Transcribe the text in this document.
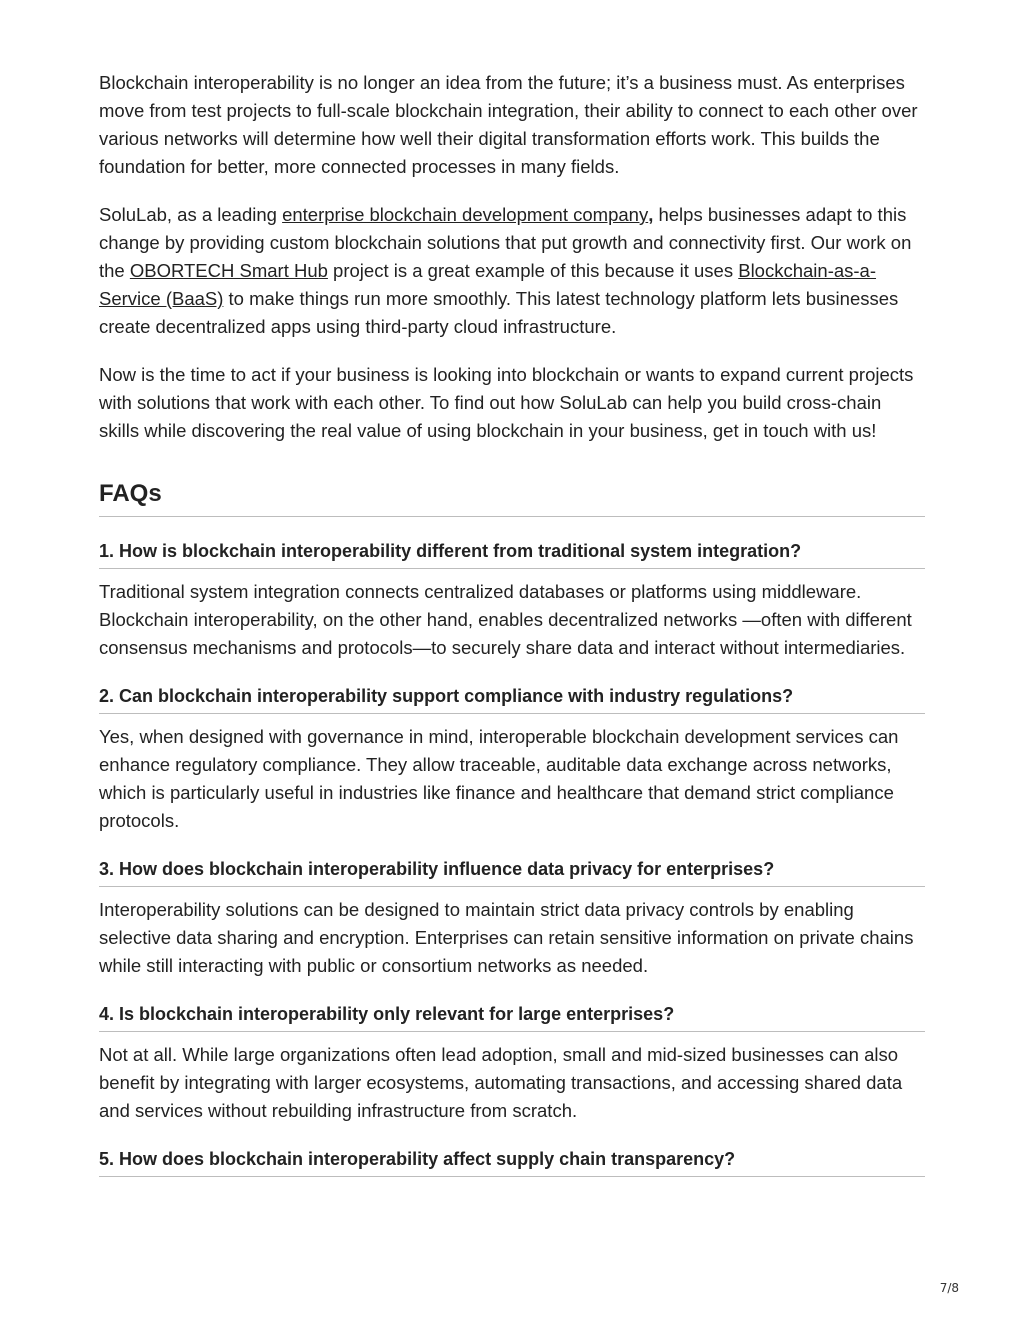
Blockchain interoperability is no longer an idea from the future; it’s a business must. As enterprises move from test projects to full-scale blockchain integration, their ability to connect to each other over various networks will determine how well their digital transformation efforts work. This builds the foundation for better, more connected processes in many fields.

SoluLab, as a leading enterprise blockchain development company, helps businesses adapt to this change by providing custom blockchain solutions that put growth and connectivity first. Our work on the OBORTECH Smart Hub project is a great example of this because it uses Blockchain-as-a-Service (BaaS) to make things run more smoothly. This latest technology platform lets businesses create decentralized apps using third-party cloud infrastructure.

Now is the time to act if your business is looking into blockchain or wants to expand current projects with solutions that work with each other. To find out how SoluLab can help you build cross-chain skills while discovering the real value of using blockchain in your business, get in touch with us!

FAQs
1. How is blockchain interoperability different from traditional system integration?

Traditional system integration connects centralized databases or platforms using middleware. Blockchain interoperability, on the other hand, enables decentralized networks —often with different consensus mechanisms and protocols—to securely share data and interact without intermediaries.

2. Can blockchain interoperability support compliance with industry regulations?

Yes, when designed with governance in mind, interoperable blockchain development services can enhance regulatory compliance. They allow traceable, auditable data exchange across networks, which is particularly useful in industries like finance and healthcare that demand strict compliance protocols.

3. How does blockchain interoperability influence data privacy for enterprises?

Interoperability solutions can be designed to maintain strict data privacy controls by enabling selective data sharing and encryption. Enterprises can retain sensitive information on private chains while still interacting with public or consortium networks as needed.

4. Is blockchain interoperability only relevant for large enterprises?

Not at all. While large organizations often lead adoption, small and mid-sized businesses can also benefit by integrating with larger ecosystems, automating transactions, and accessing shared data and services without rebuilding infrastructure from scratch.

5. How does blockchain interoperability affect supply chain transparency?
7/8
